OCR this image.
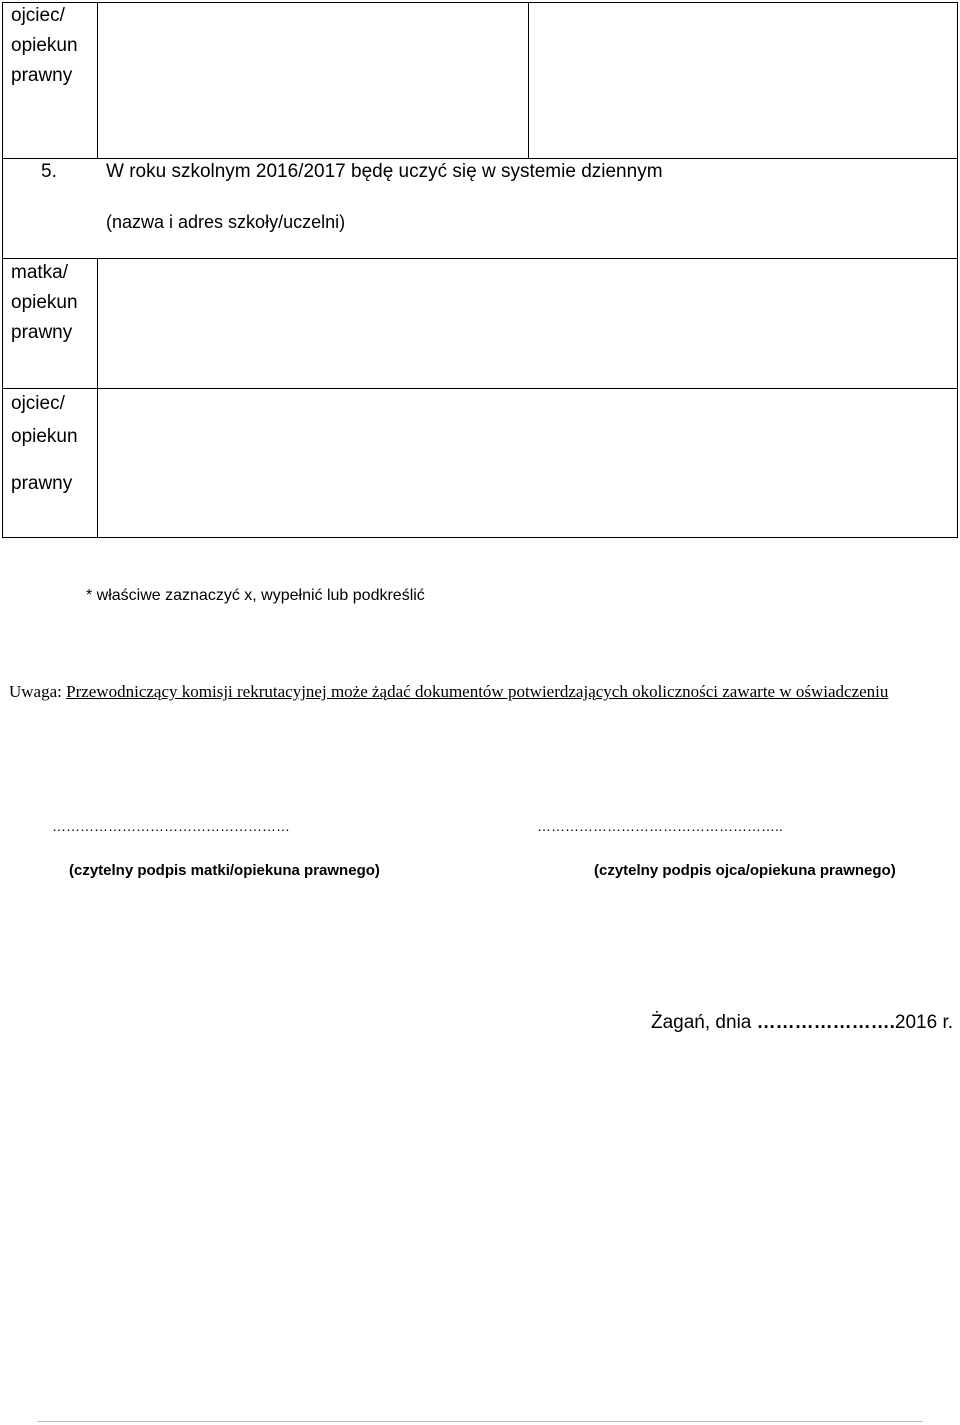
ojciec/
opiekun
prawny
5.	W roku szkolnym 2016/2017 będę uczyć się w systemie dziennym
(nazwa i adres szkoły/uczelni)
matka/
opiekun
prawny
ojciec/
opiekun
prawny
* właściwe zaznaczyć x, wypełnić lub podkreślić
Uwaga: Przewodniczący komisji rekrutacyjnej może żądać dokumentów potwierdzających okoliczności zawarte w oświadczeniu
……………………………………………	……………………………………………..
(czytelny podpis matki/opiekuna prawnego)	(czytelny podpis ojca/opiekuna prawnego)
Żagań, dnia ………………….2016 r.
